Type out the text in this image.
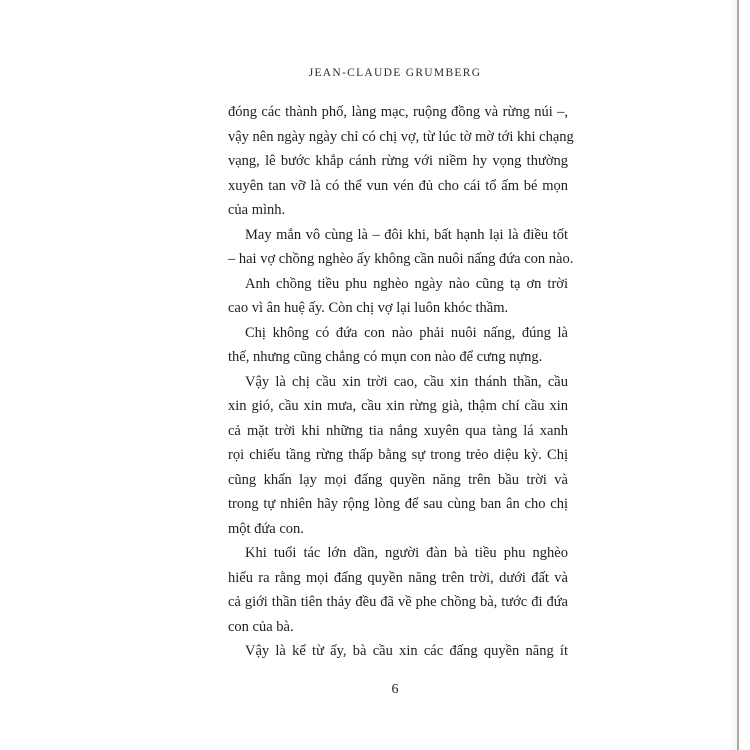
JEAN-CLAUDE GRUMBERG
đóng các thành phố, làng mạc, ruộng đồng và rừng núi –,
vậy nên ngày ngày chỉ có chị vợ, từ lúc tờ mờ tới khi chạng
vạng, lê bước khắp cánh rừng với niềm hy vọng thường
xuyên tan vỡ là có thể vun vén đủ cho cái tổ ấm bé mọn
của mình.
May mắn vô cùng là – đôi khi, bất hạnh lại là điều tốt
– hai vợ chồng nghèo ấy không cần nuôi nấng đứa con nào.
Anh chồng tiều phu nghèo ngày nào cũng tạ ơn trời
cao vì ân huệ ấy. Còn chị vợ lại luôn khóc thầm.
Chị không có đứa con nào phải nuôi nấng, đúng là
thế, nhưng cũng chẳng có mụn con nào để cưng nựng.
Vậy là chị cầu xin trời cao, cầu xin thánh thần, cầu
xin gió, cầu xin mưa, cầu xin rừng già, thậm chí cầu xin
cả mặt trời khi những tia nắng xuyên qua tàng lá xanh
rọi chiếu tầng rừng thấp bằng sự trong trẻo diệu kỳ. Chị
cũng khấn lạy mọi đấng quyền năng trên bầu trời và
trong tự nhiên hãy rộng lòng để sau cùng ban ân cho chị
một đứa con.
Khi tuổi tác lớn dần, người đàn bà tiều phu nghèo
hiểu ra rằng mọi đấng quyền năng trên trời, dưới đất và
cả giới thần tiên thảy đều đã về phe chồng bà, tước đi đứa
con của bà.
Vậy là kể từ ấy, bà cầu xin các đấng quyền năng ít
6
